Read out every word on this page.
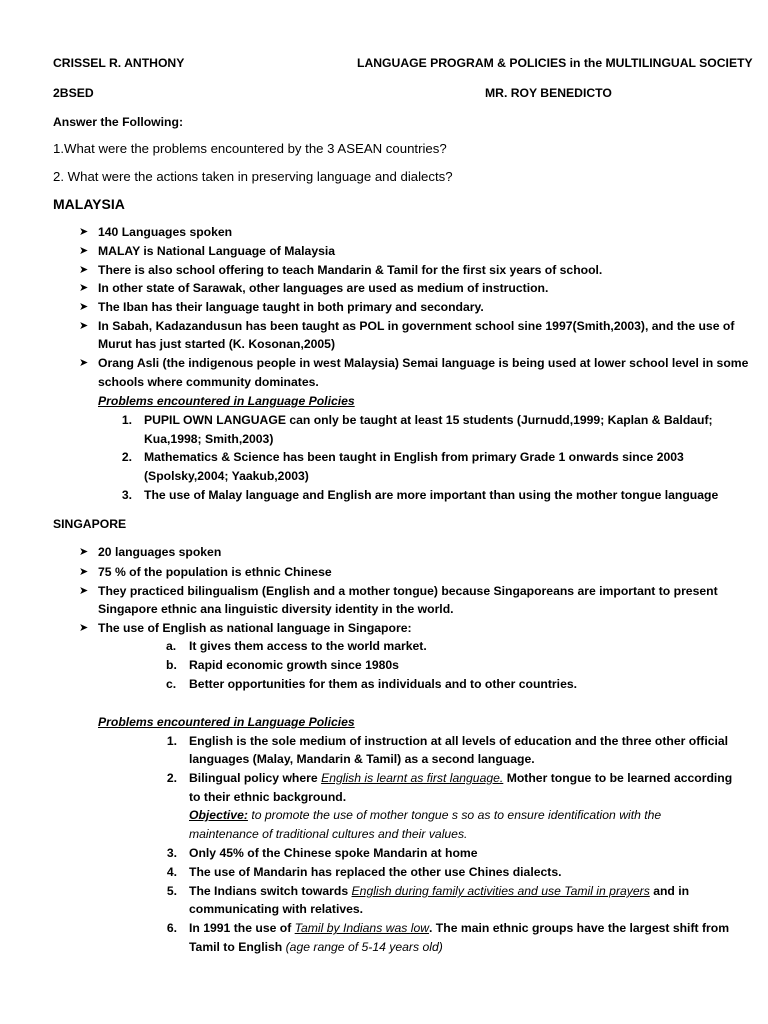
CRISSEL R. ANTHONY	LANGUAGE PROGRAM & POLICIES in the MULTILINGUAL SOCIETY
2BSED	MR. ROY BENEDICTO
Answer the Following:
1.What were the problems encountered by the 3 ASEAN countries?
2. What were the actions taken in preserving language and dialects?
MALAYSIA
➤ 140 Languages spoken
➤ MALAY is National Language of Malaysia
➤ There is also school offering to teach Mandarin & Tamil for the first six years of school.
➤ In other state of Sarawak, other languages are used as medium of instruction.
➤ The Iban has their language taught in both primary and secondary.
➤ In Sabah, Kadazandusun has been taught as POL in government school sine 1997(Smith,2003), and the use of
Murut has just started (K. Kosonan,2005)
➤ Orang Asli (the indigenous people in west Malaysia) Semai language is being used at lower school level in some
schools where community dominates.
Problems encountered in Language Policies
1. PUPIL OWN LANGUAGE can only be taught at least 15 students (Jurnudd,1999; Kaplan & Baldauf;
Kua,1998; Smith,2003)
2. Mathematics & Science has been taught in English from primary Grade 1 onwards since 2003
(Spolsky,2004; Yaakub,2003)
3. The use of Malay language and English are more important than using the mother tongue language
SINGAPORE
➤ 20 languages spoken
➤ 75 % of the population is ethnic Chinese
➤ They practiced bilingualism (English and a mother tongue) because Singaporeans are important to present
Singapore ethnic ana linguistic diversity identity in the world.
➤ The use of English as national language in Singapore:
a. It gives them access to the world market.
b. Rapid economic growth since 1980s
c. Better opportunities for them as individuals and to other countries.
Problems encountered in Language Policies
1. English is the sole medium of instruction at all levels of education and the three other official
languages (Malay, Mandarin & Tamil) as a second language.
2. Bilingual policy where English is learnt as first language. Mother tongue to be learned according
to their ethnic background.
Objective: to promote the use of mother tongue s so as to ensure identification with the
maintenance of traditional cultures and their values.
3. Only 45% of the Chinese spoke Mandarin at home
4. The use of Mandarin has replaced the other use Chines dialects.
5. The Indians switch towards English during family activities and use Tamil in prayers and in
communicating with relatives.
6. In 1991 the use of Tamil by Indians was low. The main ethnic groups have the largest shift from
Tamil to English (age range of 5-14 years old)
